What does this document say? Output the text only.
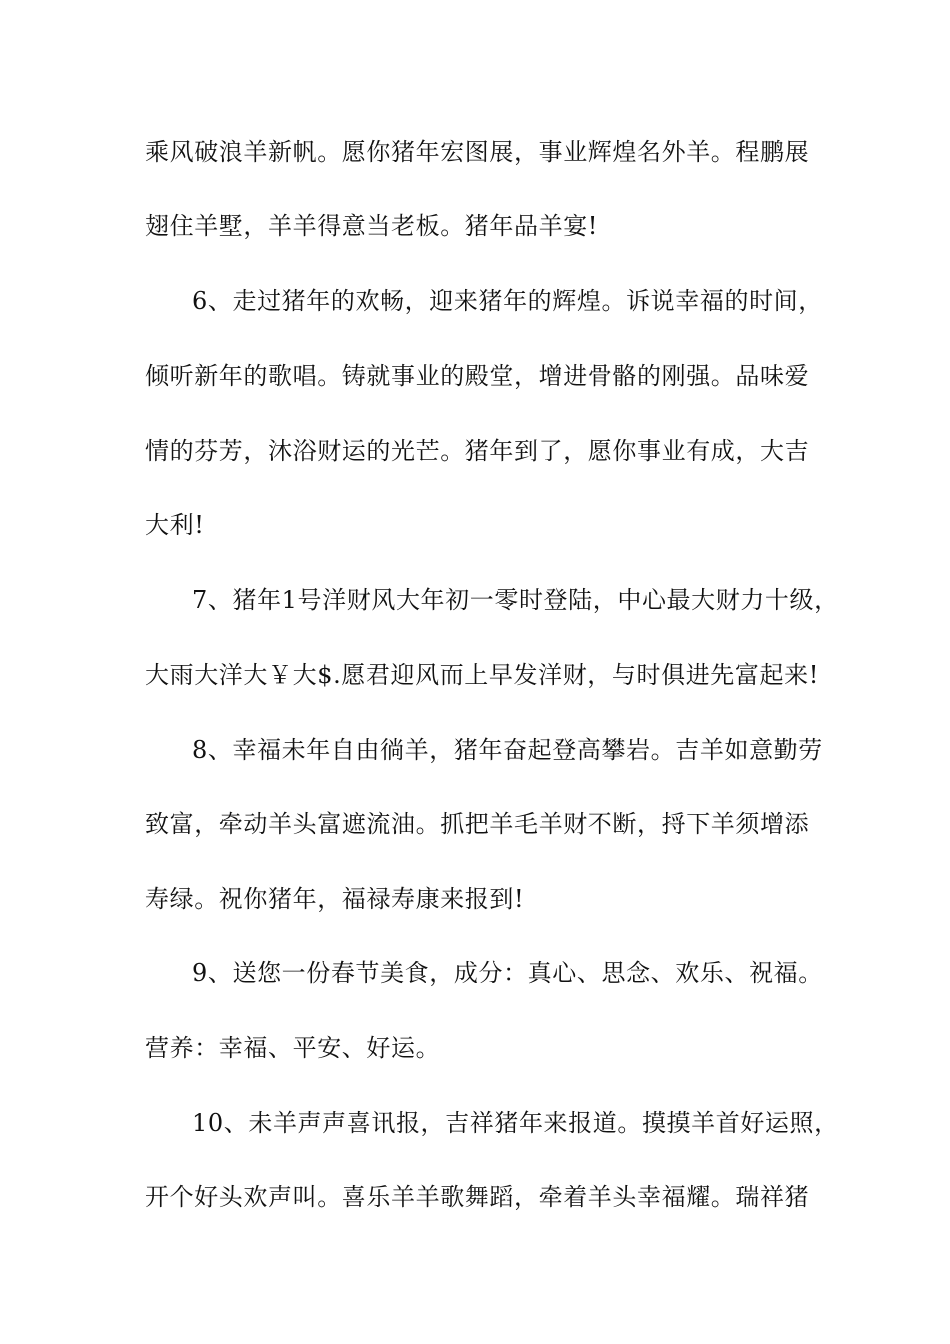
乘风破浪羊新帆。愿你猪年宏图展，事业辉煌名外羊。程鹏展
翅住羊墅，羊羊得意当老板。猪年品羊宴!
6、走过猪年的欢畅，迎来猪年的辉煌。诉说幸福的时间，
倾听新年的歌唱。铸就事业的殿堂，增进骨骼的刚强。品味爱
情的芬芳，沐浴财运的光芒。猪年到了，愿你事业有成，大吉
大利!
7、猪年1号洋财风大年初一零时登陆，中心最大财力十级，
大雨大洋大￥大$.愿君迎风而上早发洋财，与时俱进先富起来!
8、幸福未年自由徜羊，猪年奋起登高攀岩。吉羊如意勤劳
致富，牵动羊头富遮流油。抓把羊毛羊财不断，捋下羊须增添
寿绿。祝你猪年，福禄寿康来报到!
9、送您一份春节美食，成分：真心、思念、欢乐、祝福。
营养：幸福、平安、好运。
10、未羊声声喜讯报，吉祥猪年来报道。摸摸羊首好运照，
开个好头欢声叫。喜乐羊羊歌舞蹈，牵着羊头幸福耀。瑞祥猪
